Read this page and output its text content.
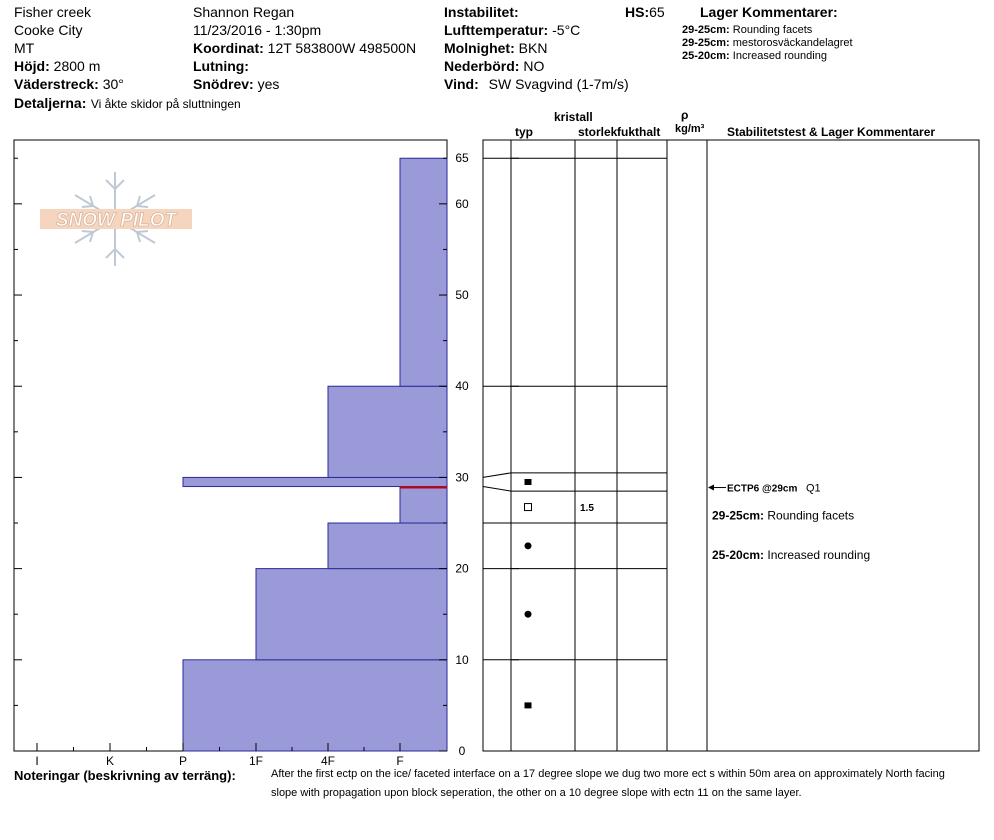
Fisher creek
Cooke City
MT
Höjd: 2800 m
Väderstreck: 30°
Detaljerna: Vi åkte skidor på sluttningen
Shannon Regan
11/23/2016 - 1:30pm
Koordinat: 12T 583800W 498500N
Lutning:
Snödrev: yes
Instabilitet:
Lufttemperatur: -5°C
Molnighet: BKN
Nederbörd: NO
Vind: SW Svagvind (1-7m/s)
HS:65	Lager Kommentarer:
29-25cm: Rounding facets
29-25cm: mestorosväckandelagret
25-20cm: Increased rounding
kristall
typ	storlek fukthalt
ρ
kg/m³ Stabilitetstest & Lager Kommentarer
SNOW PILOT
I	K	P	1F	4F	F
0
10
20
30
40
50
60
65
1.5
ECTP6 @29cm Q1
29-25cm: Rounding facets
25-20cm: Increased rounding
Noteringar (beskrivning av terräng):	After the first ectp on the ice/ faceted interface on a 17 degree slope we dug two more ect s within 50m area on approximately North facing
slope with propagation upon block seperation, the other on a 10 degree slope with ectn 11 on the same layer.
